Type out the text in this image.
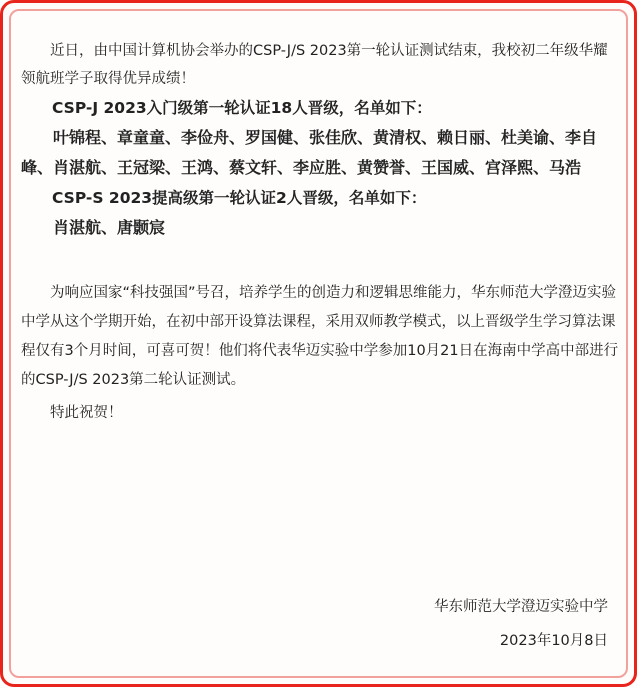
近日，由中国计算机协会举办的CSP-J/S 2023第一轮认证测试结束，我校初二年级华耀领航班学子取得优异成绩！

CSP-J 2023入门级第一轮认证18人晋级，名单如下：

叶锦程、章童童、李俭舟、罗国健、张佳欣、黄清权、赖日丽、杜美谕、李自峰、肖湛航、王冠梁、王鸿、蔡文轩、李应胜、黄赞誉、王国威、宫泽熙、马浩

CSP-S 2023提高级第一轮认证2人晋级，名单如下：

肖湛航、唐颢宸

为响应国家“科技强国”号召，培养学生的创造力和逻辑思维能力，华东师范大学澄迈实验中学从这个学期开始，在初中部开设算法课程，采用双师教学模式，以上晋级学生学习算法课程仅有3个月时间，可喜可贺！他们将代表华迈实验中学参加10月21日在海南中学高中部进行的CSP-J/S 2023第二轮认证测试。

特此祝贺！

华东师范大学澄迈实验中学
2023年10月8日
